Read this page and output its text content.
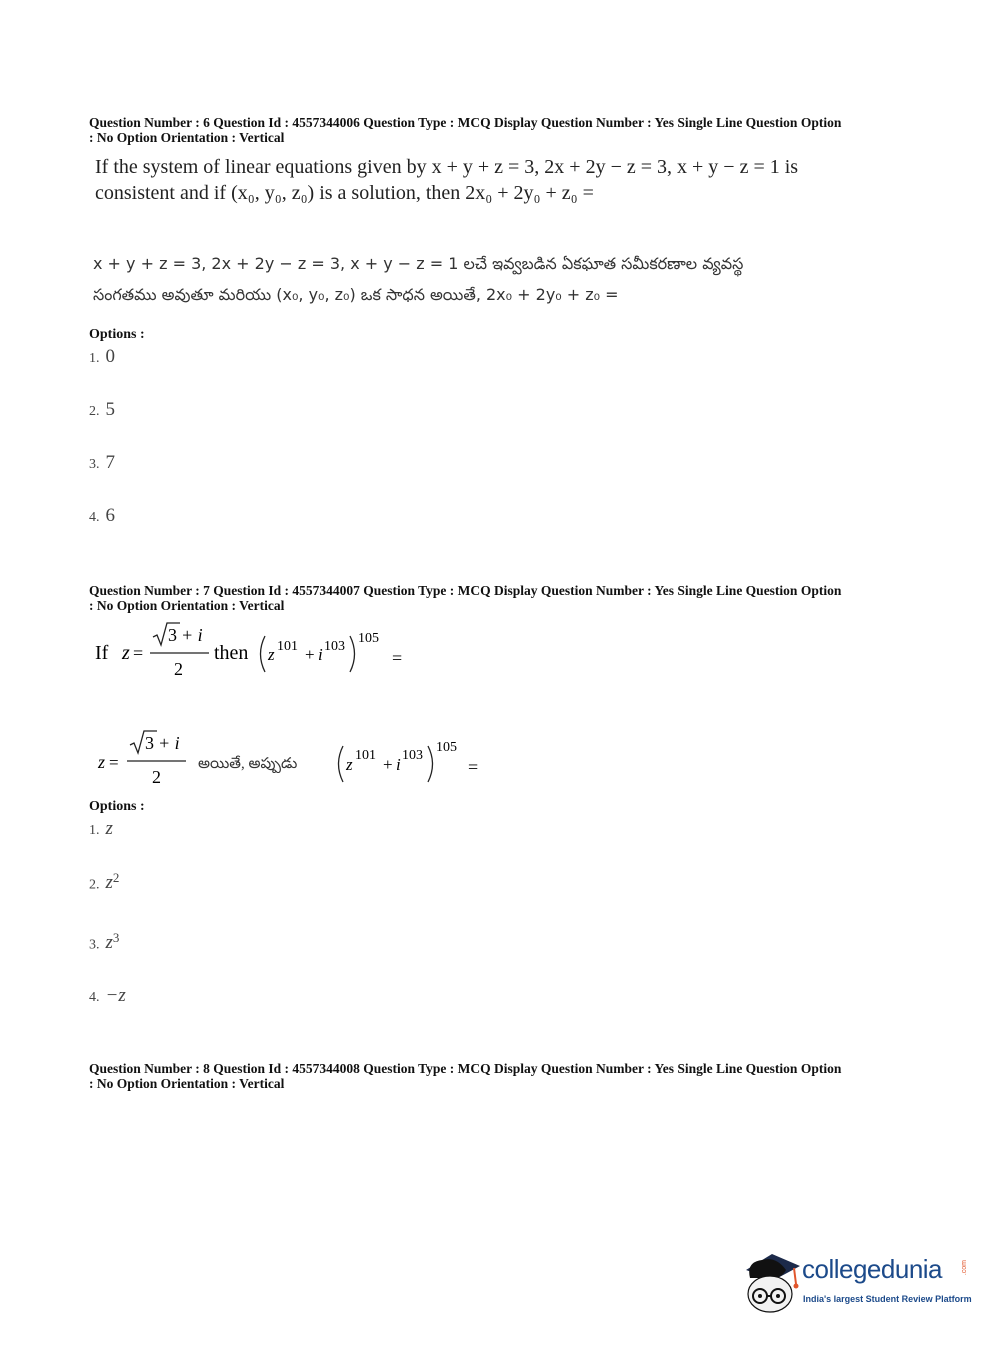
Question Number : 6 Question Id : 4557344006 Question Type : MCQ Display Question Number : Yes Single Line Question Option
: No Option Orientation : Vertical
If the system of linear equations given by x + y + z = 3, 2x + 2y − z = 3, x + y − z = 1 is
consistent and if (x₀, y₀, z₀) is a solution, then 2x₀ + 2y₀ + z₀ =
x + y + z = 3, 2x + 2y − z = 3, x + y − z = 1 లచే ఇవ్వబడిన ఏకఘాత సమీకరణాల వ్యవస్థ
సంగతము అవుతూ మరియు (x₀, y₀, z₀) ఒక సాధన అయితే, 2x₀ + 2y₀ + z₀ =
Options :
1. 0
2. 5
3. 7
4. 6
Question Number : 7 Question Id : 4557344007 Question Type : MCQ Display Question Number : Yes Single Line Question Option
: No Option Orientation : Vertical
If z =
3 + i
2
then z 101 + i 103
105
=
z =
3 + i
2
అయితే, అప్పుడు	z 101 + i 103
105
=
Options :
1. z
2. $z^2$
3. $z^3$
4. −z
Question Number : 8 Question Id : 4557344008 Question Type : MCQ Display Question Number : Yes Single Line Question Option
: No Option Orientation : Vertical
collegedunia	.com
India's largest Student Review Platform
